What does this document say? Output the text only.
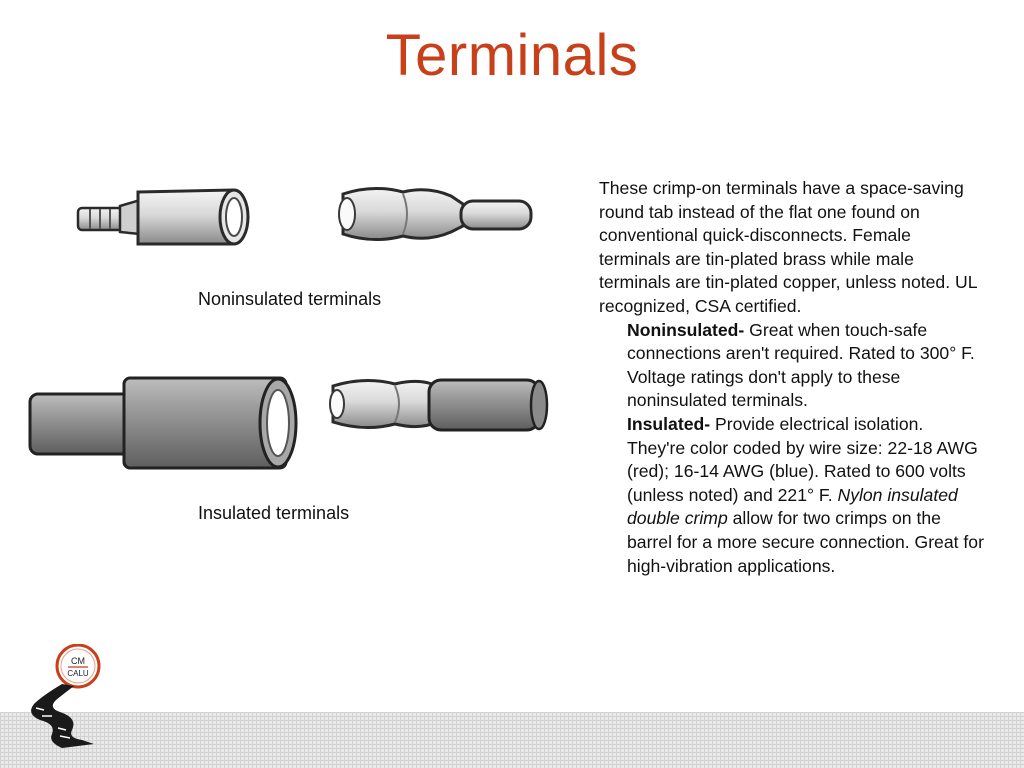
Terminals
Noninsulated terminals
Insulated terminals

These crimp-on terminals have a space-saving round tab instead of the flat one found on conventional quick-disconnects. Female terminals are tin-plated brass while male terminals are tin-plated copper, unless noted. UL recognized, CSA certified.

Noninsulated- Great when touch-safe connections aren't required. Rated to 300° F. Voltage ratings don't apply to these noninsulated terminals.

Insulated- Provide electrical isolation. They're color coded by wire size: 22-18 AWG (red); 16-14 AWG (blue). Rated to 600 volts (unless noted) and 221° F. Nylon insulated double crimp allow for two crimps on the barrel for a more secure connection. Great for high-vibration applications.

CM
CALU
